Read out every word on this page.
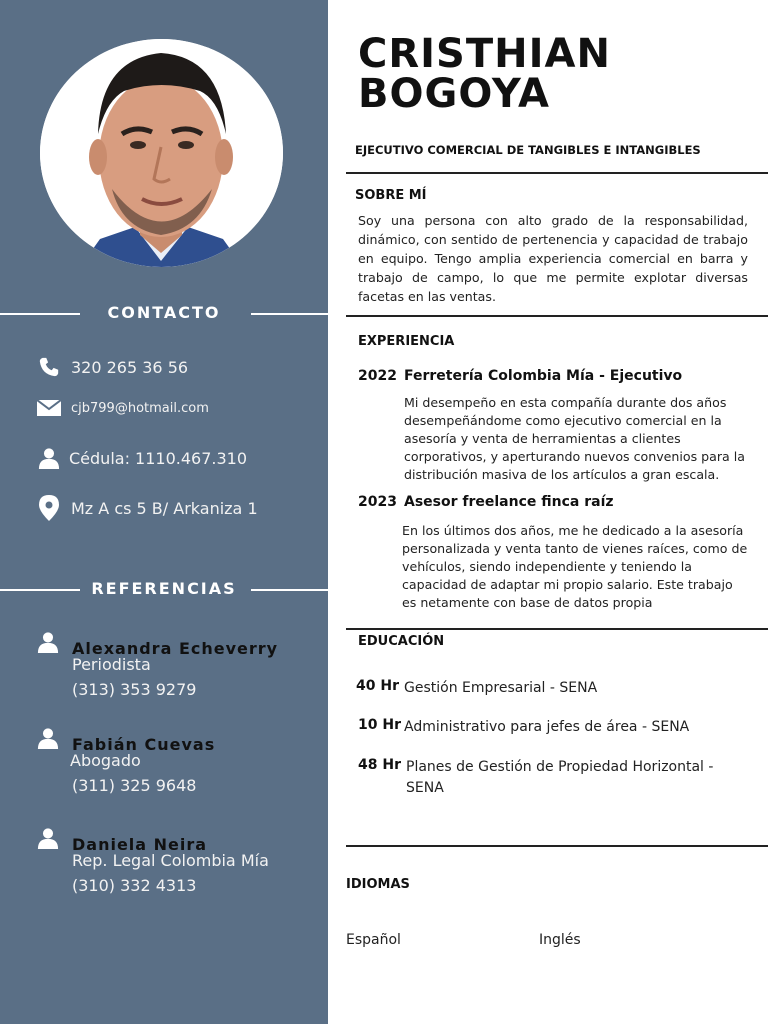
CONTACTO
320 265 36 56
cjb799@hotmail.com
Cédula: 1110.467.310
Mz A cs 5 B/ Arkaniza 1
REFERENCIAS
Alexandra Echeverry
Periodista
(313) 353 9279
Fabián Cuevas
Abogado
(311) 325 9648
Daniela Neira
Rep. Legal Colombia Mía
(310) 332 4313
CRISTHIAN
BOGOYA
EJECUTIVO COMERCIAL DE TANGIBLES E INTANGIBLES
SOBRE MÍ
Soy una persona con alto grado de la responsabilidad, dinámico, con sentido de pertenencia y capacidad de trabajo en equipo. Tengo amplia experiencia comercial en barra y trabajo de campo, lo que me permite explotar diversas facetas en las ventas.
EXPERIENCIA
2022 Ferretería Colombia Mía - Ejecutivo
Mi desempeño en esta compañía durante dos años desempeñándome como ejecutivo comercial en la asesoría y venta de herramientas a clientes corporativos, y aperturando nuevos convenios para la distribución masiva de los artículos a gran escala.
2023 Asesor freelance finca raíz
En los últimos dos años, me he dedicado a la asesoría personalizada y venta tanto de vienes raíces, como de vehículos, siendo independiente y teniendo la capacidad de adaptar mi propio salario. Este trabajo es netamente con base de datos propia
EDUCACIÓN
40 Hr Gestión Empresarial - SENA
10 Hr Administrativo para jefes de área - SENA
48 Hr Planes de Gestión de Propiedad Horizontal - SENA
IDIOMAS
Español	Inglés
